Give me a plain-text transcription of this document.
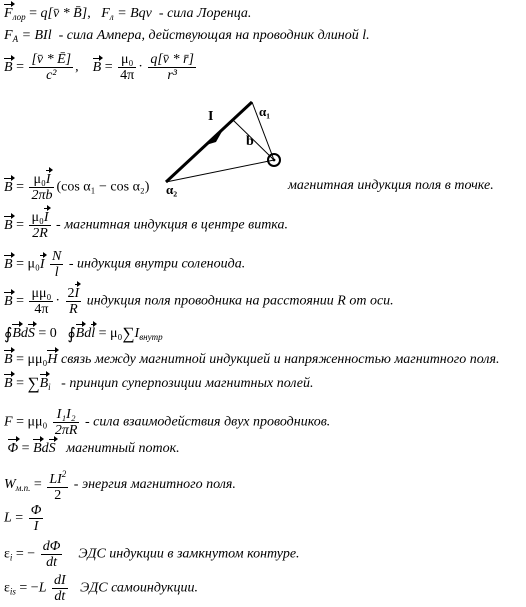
$F_{лор}$ = q[v̄ * B̄],   $F_л$ = Bqv - сила Лоренца.
$F_A$ = BIl - сила Ампера, действующая на проводник длиной l.
$B = \frac{[v̄ * Ē]}{\text{c²}}$ ,    $B = \frac{\text{μ₀}}{4\pi} \cdot \frac{q[v̄ * r̄]}{\text{r³}}$
I
b
α₁
α₂
$B = \frac{\text{μ₀I}}{2\pi b} (\cos$ α₁ − cos α₂)	магнитная индукция поля в точке.
$B = \frac{\text{μ₀I}}{2R}$ - магнитная индукция в центре витка.
$B = \mu_0I \frac{N}{l}$ - индукция внутри соленоида.
$B = \frac{\text{μμ₀}}{4\pi} \cdot \frac{2I}{R}$ индукция поля проводника на расстоянии R от оси.
∮BdS = 0   ∮Bdl = $\mu_0\sum I_{внутр}$
B = μμ₀H связь между магнитной индукцией и напряженностью магнитного поля.
$B = \sum B_i$ - принцип суперпозиции магнитных полей.
$F = \mu\mu_0 \frac{\text{I₁I₂}}{2\pi R}$ - сила взаимодействия двух проводников.
Φ = BdS магнитный поток.
$W_{м.п.} = \frac{LI^2}{2}$ - энергия магнитного поля.
$L = \frac{\Phi}{I}$
$\varepsilon_i$ = − $\frac{d\Phi}{dt}$ ЭДС индукции в замкнутом контуре.
$\varepsilon_{is} = -L \frac{dI}{dt}$ ЭДС самоиндукции.
